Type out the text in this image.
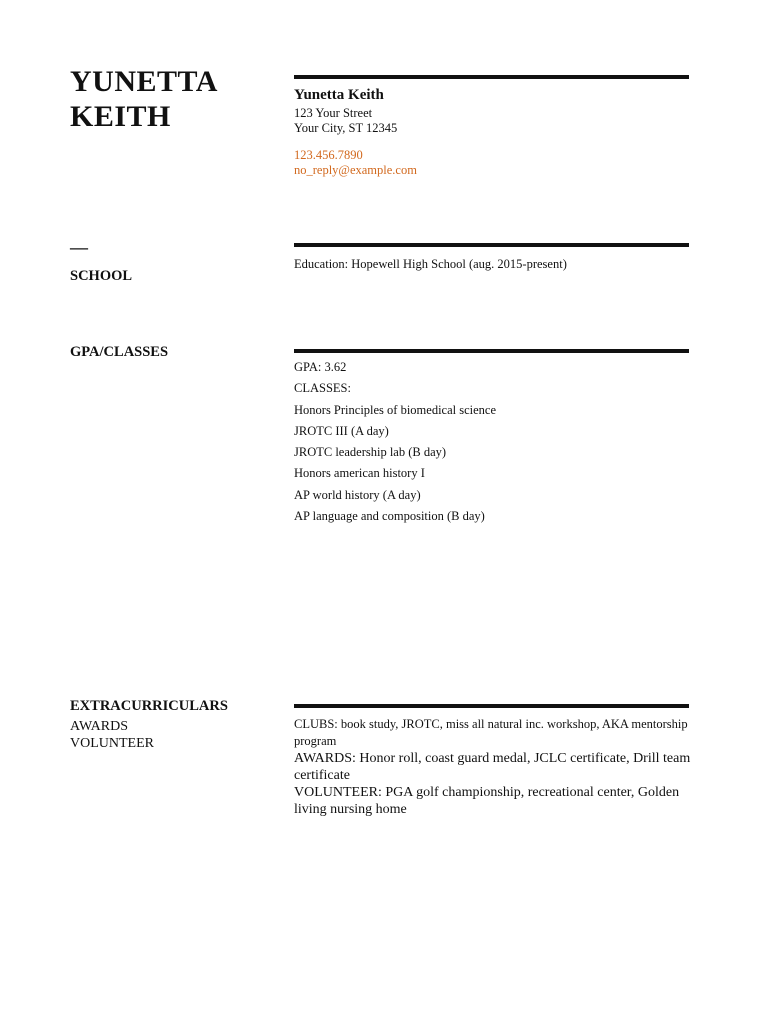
YUNETTA
KEITH
Yunetta Keith
123 Your Street
Your City, ST 12345
123.456.7890
no_reply@example.com
—
SCHOOL
Education: Hopewell High School (aug. 2015-present)
GPA/CLASSES
GPA: 3.62
CLASSES:
Honors Principles of biomedical science
JROTC III (A day)
JROTC leadership lab (B day)
Honors american history I
AP world history (A day)
AP language and composition (B day)
EXTRACURRICULARS
AWARDS
VOLUNTEER
CLUBS: book study, JROTC, miss all natural inc. workshop, AKA mentorship program
AWARDS: Honor roll, coast guard medal, JCLC certificate, Drill team certificate
VOLUNTEER: PGA golf championship, recreational center, Golden living nursing home
